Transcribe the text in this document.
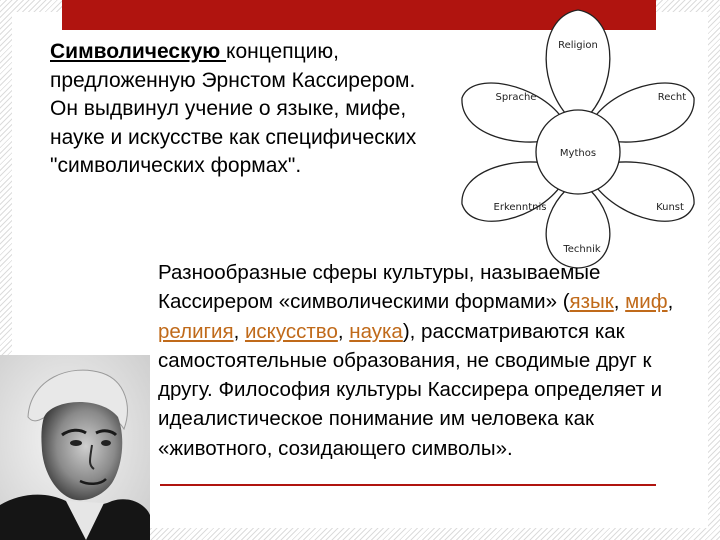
Символическую концепцию, предложенную Эрнстом Кассирером. Он выдвинул учение о языке, мифе, науке и искусстве как специфических "символических формах".
Religion
Recht
Kunst
Technik
Erkenntnis
Sprache
Mythos
Разнообразные сферы культуры, называемые Кассирером «символическими формами» (язык, миф, религия, искусство, наука), рассматриваются как самостоятельные образования, не сводимые друг к другу. Философия культуры Кассирера определяет и идеалистическое понимание им человека как «животного, созидающего символы».
